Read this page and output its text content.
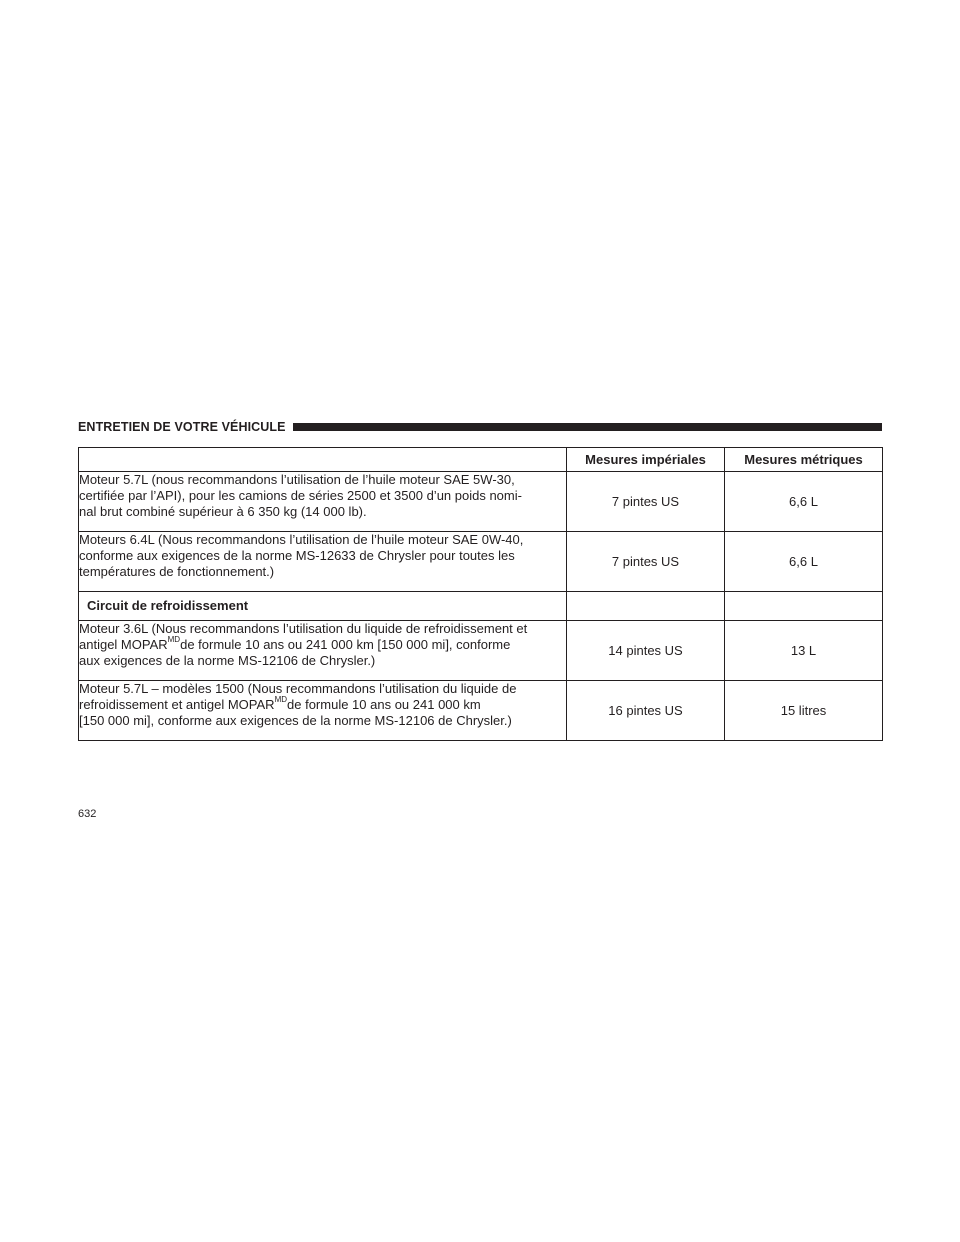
ENTRETIEN DE VOTRE VÉHICULE
	Mesures impériales	Mesures métriques
Moteur 5.7L (nous recommandons l’utilisation de l’huile moteur SAE 5W-30,
certifiée par l’API), pour les camions de séries 2500 et 3500 d’un poids nomi-
nal brut combiné supérieur à 6 350 kg (14 000 lb).	7 pintes US	6,6 L
Moteurs 6.4L (Nous recommandons l’utilisation de l’huile moteur SAE 0W-40,
conforme aux exigences de la norme MS-12633 de Chrysler pour toutes les
températures de fonctionnement.)	7 pintes US	6,6 L
Circuit de refroidissement		
Moteur 3.6L (Nous recommandons l’utilisation du liquide de refroidissement et
antigel $MOPAR^{MD}de$ formule 10 ans ou 241 000 km [150 000 mi], conforme
aux exigences de la norme MS-12106 de Chrysler.)	14 pintes US	13 L
Moteur 5.7L – modèles 1500 (Nous recommandons l’utilisation du liquide de
refroidissement et antigel $MOPAR^{MD}de$ formule 10 ans ou 241 000 km
[150 000 mi], conforme aux exigences de la norme MS-12106 de Chrysler.)	16 pintes US	15 litres
632
